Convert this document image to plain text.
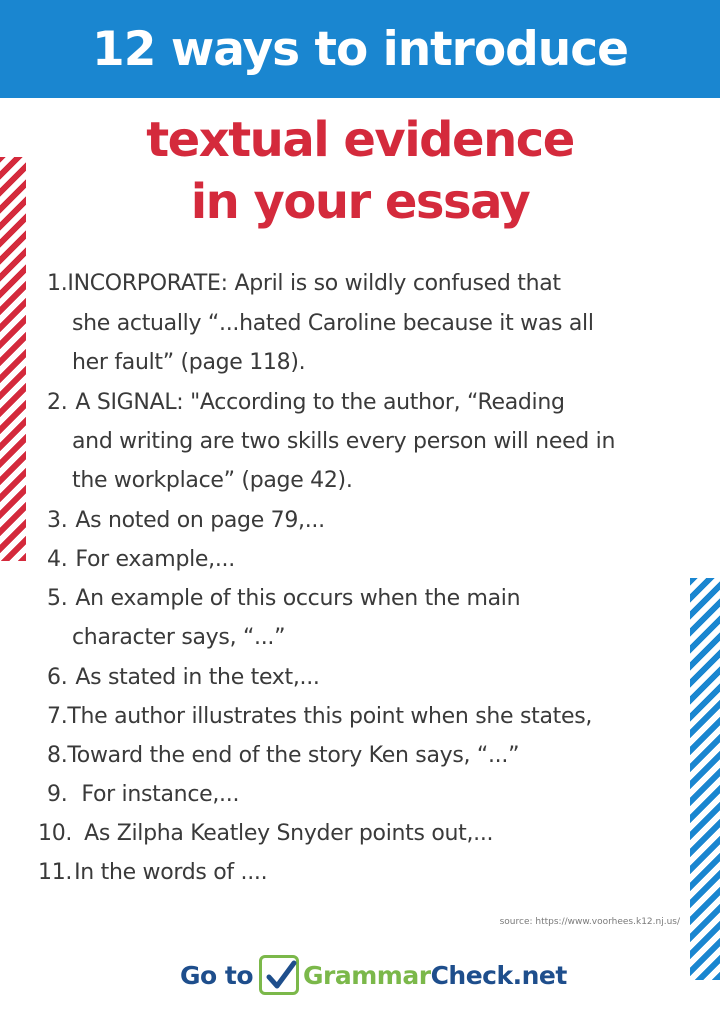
12 ways to introduce
textual evidence
in your essay
1.INCORPORATE: April is so wildly confused that
she actually “...hated Caroline because it was all
her fault” (page 118).
2. A SIGNAL: "According to the author, “Reading
and writing are two skills every person will need in
the workplace” (page 42).
3. As noted on page 79,...
4. For example,...
5. An example of this occurs when the main
character says, “...”
6. As stated in the text,...
7.The author illustrates this point when she states,
8.Toward the end of the story Ken says, “...”
9. For instance,...
10. As Zilpha Keatley Snyder points out,...
11.In the words of ....
source: https://www.voorhees.k12.nj.us/
Go to Grammar Check.net
